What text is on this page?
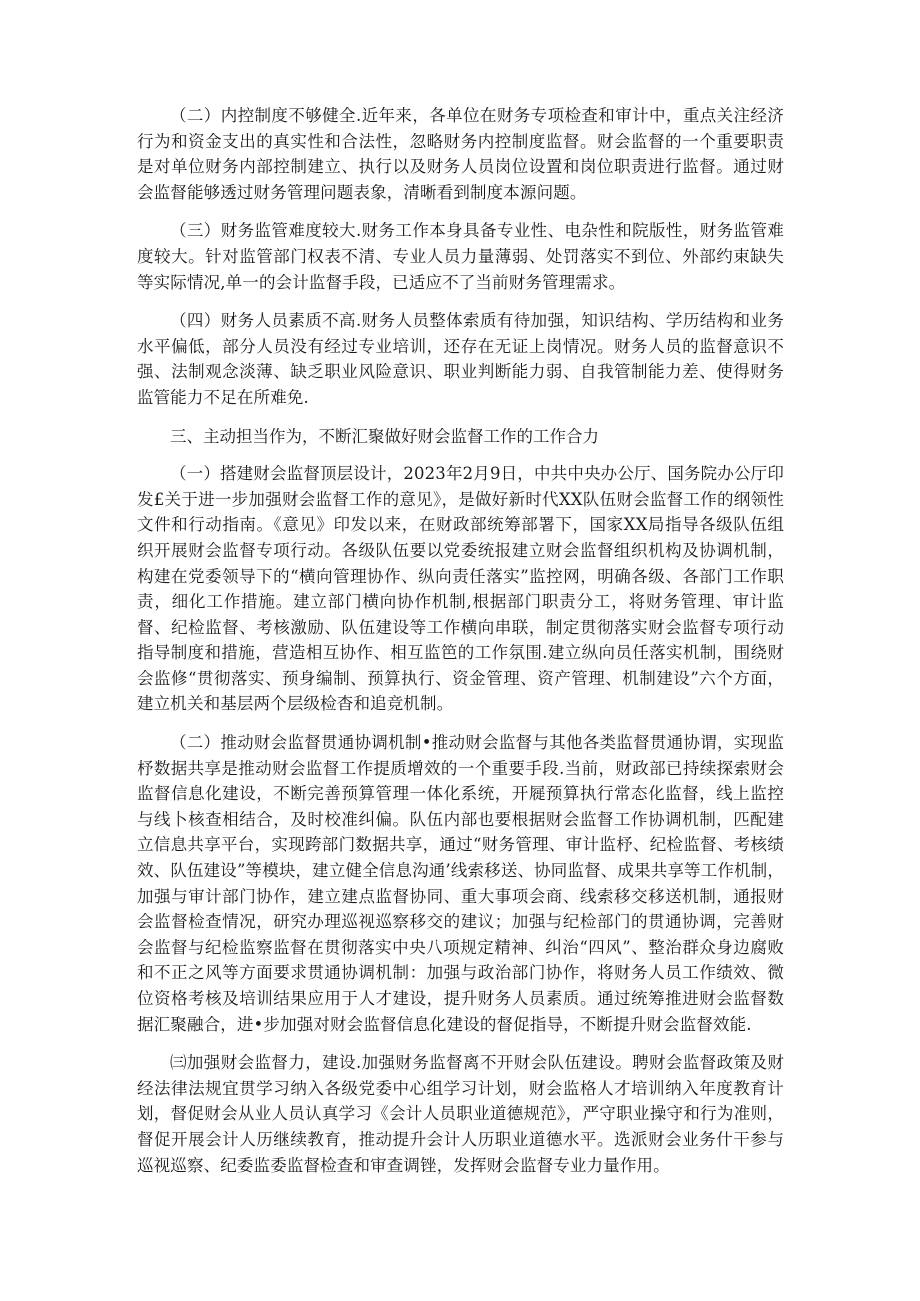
（二）内控制度不够健全.近年来，各单位在财务专项检查和审计中，重点关注经济行为和资金支出的真实性和合法性，忽略财务内控制度监督。财会监督的一个重要职责是对单位财务内部控制建立、执行以及财务人员岗位设置和岗位职责进行监督。通过财会监督能够透过财务管理问题表象，清晰看到制度本源问题。

（三）财务监管难度较大.财务工作本身具备专业性、电杂性和院版性，财务监管难度较大。针对监管部门权表不清、专业人员力量薄弱、处罚落实不到位、外部约束缺失等实际情况,单一的会计监督手段，已适应不了当前财务管理需求。

（四）财务人员素质不高.财务人员整体索质有待加强，知识结构、学历结构和业务水平偏低，部分人员没有经过专业培训，还存在无证上岗情况。财务人员的监督意识不强、法制观念淡薄、缺乏职业风险意识、职业判断能力弱、自我管制能力差、使得财务监管能力不足在所难免.

三、主动担当作为，不断汇聚做好财会监督工作的工作合力

（一）搭建财会监督顶层设计，2023年2月9日，中共中央办公厅、国务院办公厅印发£关于进一步加强财会监督工作的意见》，是做好新时代XX队伍财会监督工作的纲领性文件和行动指南。《意见》印发以来，在财政部统筹部署下，国家XX局指导各级队伍组织开展财会监督专项行动。各级队伍要以党委统报建立财会监督组织机构及协调机制，构建在党委领导下的“横向管理协作、纵向责任落实”监控网，明确各级、各部门工作职责，细化工作措施。建立部门横向协作机制,根据部门职责分工，将财务管理、审计监督、纪检监督、考核激励、队伍建设等工作横向串联，制定贯彻落实财会监督专项行动指导制度和措施，营造相互协作、相互监笆的工作氛围.建立纵向员任落实机制，围绕财会监修“贯彻落实、预身编制、预算执行、资金管理、资产管理、机制建设”六个方面，建立机关和基层两个层级检杳和追竞机制。

（二）推动财会监督贯通协调机制•推动财会监督与其他各类监督贯通协谓，实现监杼数据共享是推动财会监督工作提质增效的一个重要手段.当前，财政部已持续探索财会监督信息化建设，不断完善预算管理一体化系统，开屣预算执行常态化监督，线上监控与线卜核查相结合，及时校准纠偏。队伍内部也要根据财会监督工作协调机制，匹配建立信息共享平台，实现跨部门数据共享，通过“财务管理、审计监杼、纪检监督、考核绩效、队伍建设”等模块，建立健全信息沟通’线索移送、协同监督、成果共享等工作机制，加强与审计部门协作，建立建点监督协同、重大事项会商、线索移交移送机制，通报财会监督检查情况，研究办理巡视巡察移交的建议；加强与纪检部门的贯通协调，完善财会监督与纪检监察监督在贯彻落实中央八项规定精神、纠治“四风”、整治群众身边腐败和不正之风等方面要求贯通协调机制：加强与政治部门协作，将财务人员工作绩效、微位资格考核及培训结果应用于人才建设，提升财务人员素质。通过统筹推进财会监督数据汇聚融合，进•步加强对财会监督信息化建设的督促指导，不断提升财会监督效能.

㈢加强财会监督力，建设.加强财务监督离不开财会队伍建设。聘财会监督政策及财经法律法规宜贯学习纳入各级党委中心组学习计划，财会监格人才培训纳入年度教育计划，督促财会从业人员认真学习《会计人员职业道德规范》，严守职业操守和行为准则，督促开展会计人历继续教育，推动提升会计人历职业道德水平。选派财会业务什干参与巡视巡察、纪委监委监督检查和审查调锉，发挥财会监督专业力量作用。
